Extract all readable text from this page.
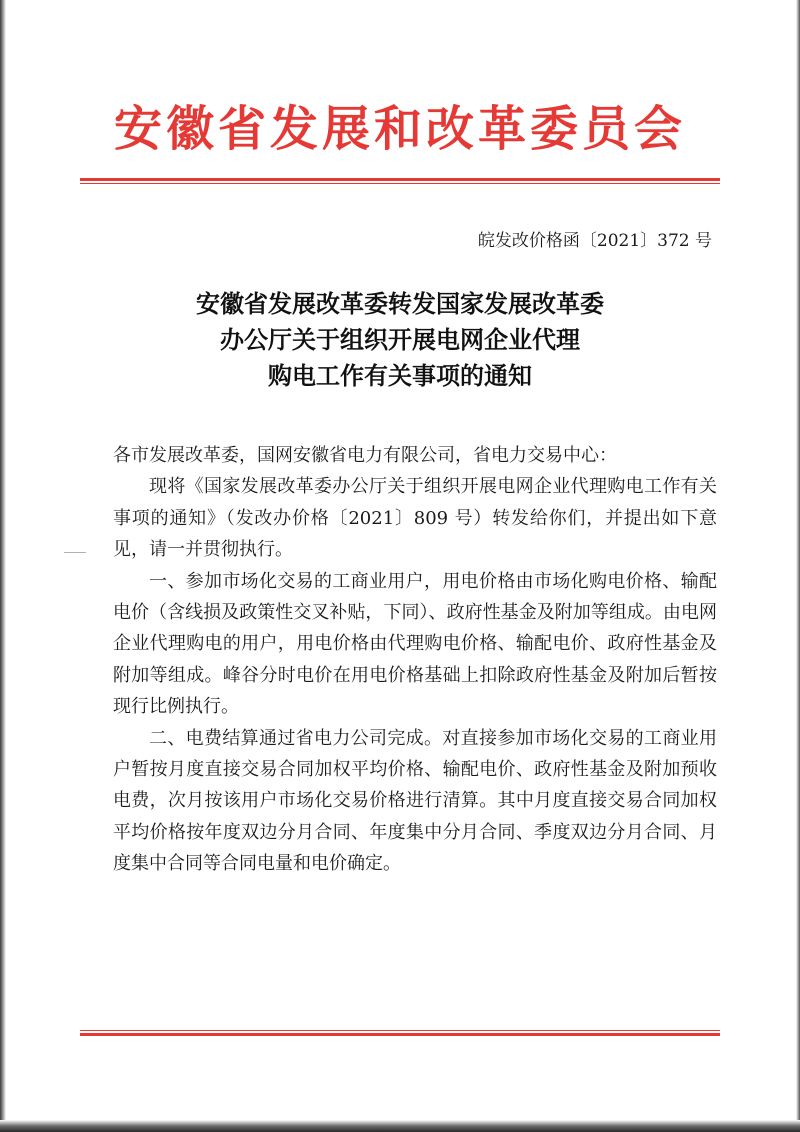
安徽省发展和改革委员会
皖发改价格函〔2021〕372 号
安徽省发展改革委转发国家发展改革委
办公厅关于组织开展电网企业代理
购电工作有关事项的通知

各市发展改革委，国网安徽省电力有限公司，省电力交易中心：

现将《国家发展改革委办公厅关于组织开展电网企业代理购电工作有关事项的通知》（发改办价格〔2021〕809 号）转发给你们，并提出如下意见，请一并贯彻执行。

一、参加市场化交易的工商业用户，用电价格由市场化购电价格、输配电价（含线损及政策性交叉补贴，下同）、政府性基金及附加等组成。由电网企业代理购电的用户，用电价格由代理购电价格、输配电价、政府性基金及附加等组成。峰谷分时电价在用电价格基础上扣除政府性基金及附加后暂按现行比例执行。

二、电费结算通过省电力公司完成。对直接参加市场化交易的工商业用户暂按月度直接交易合同加权平均价格、输配电价、政府性基金及附加预收电费，次月按该用户市场化交易价格进行清算。其中月度直接交易合同加权平均价格按年度双边分月合同、年度集中分月合同、季度双边分月合同、月度集中合同等合同电量和电价确定。
